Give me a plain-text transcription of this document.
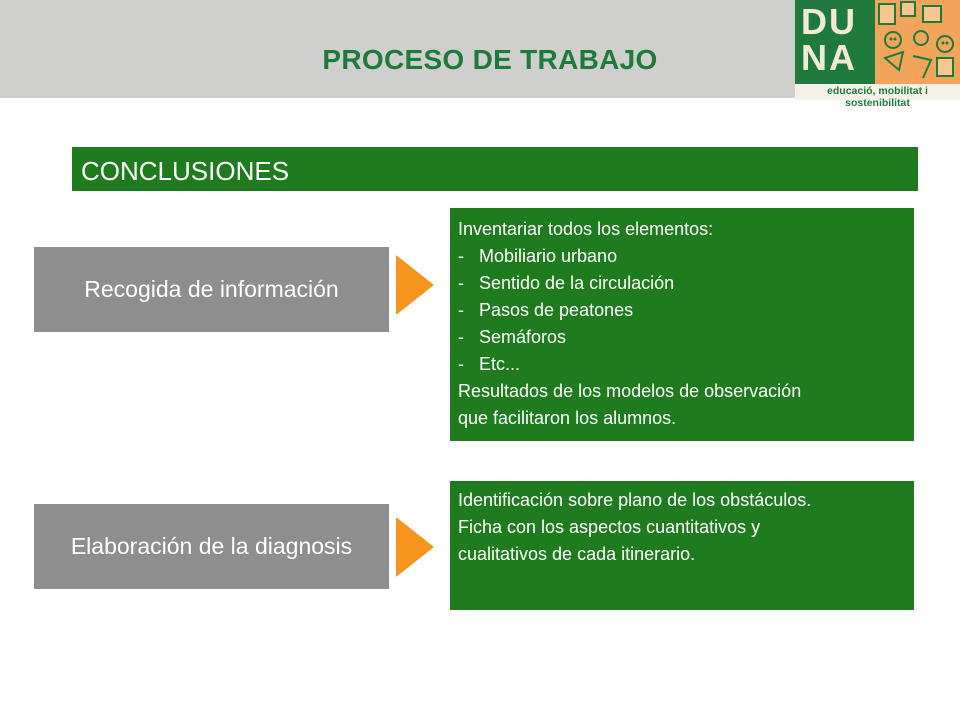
PROCESO DE TRABAJO
DU
NA
educació, mobilitat i sostenibilitat
CONCLUSIONES
Recogida de información
Inventariar todos los elementos:
- Mobiliario urbano
- Sentido de la circulación
- Pasos de peatones
- Semáforos
- Etc...
Resultados de los modelos de observación
que facilitaron los alumnos.
Elaboración de la diagnosis
Identificación sobre plano de los obstáculos.
Ficha con los aspectos cuantitativos y
cualitativos de cada itinerario.
